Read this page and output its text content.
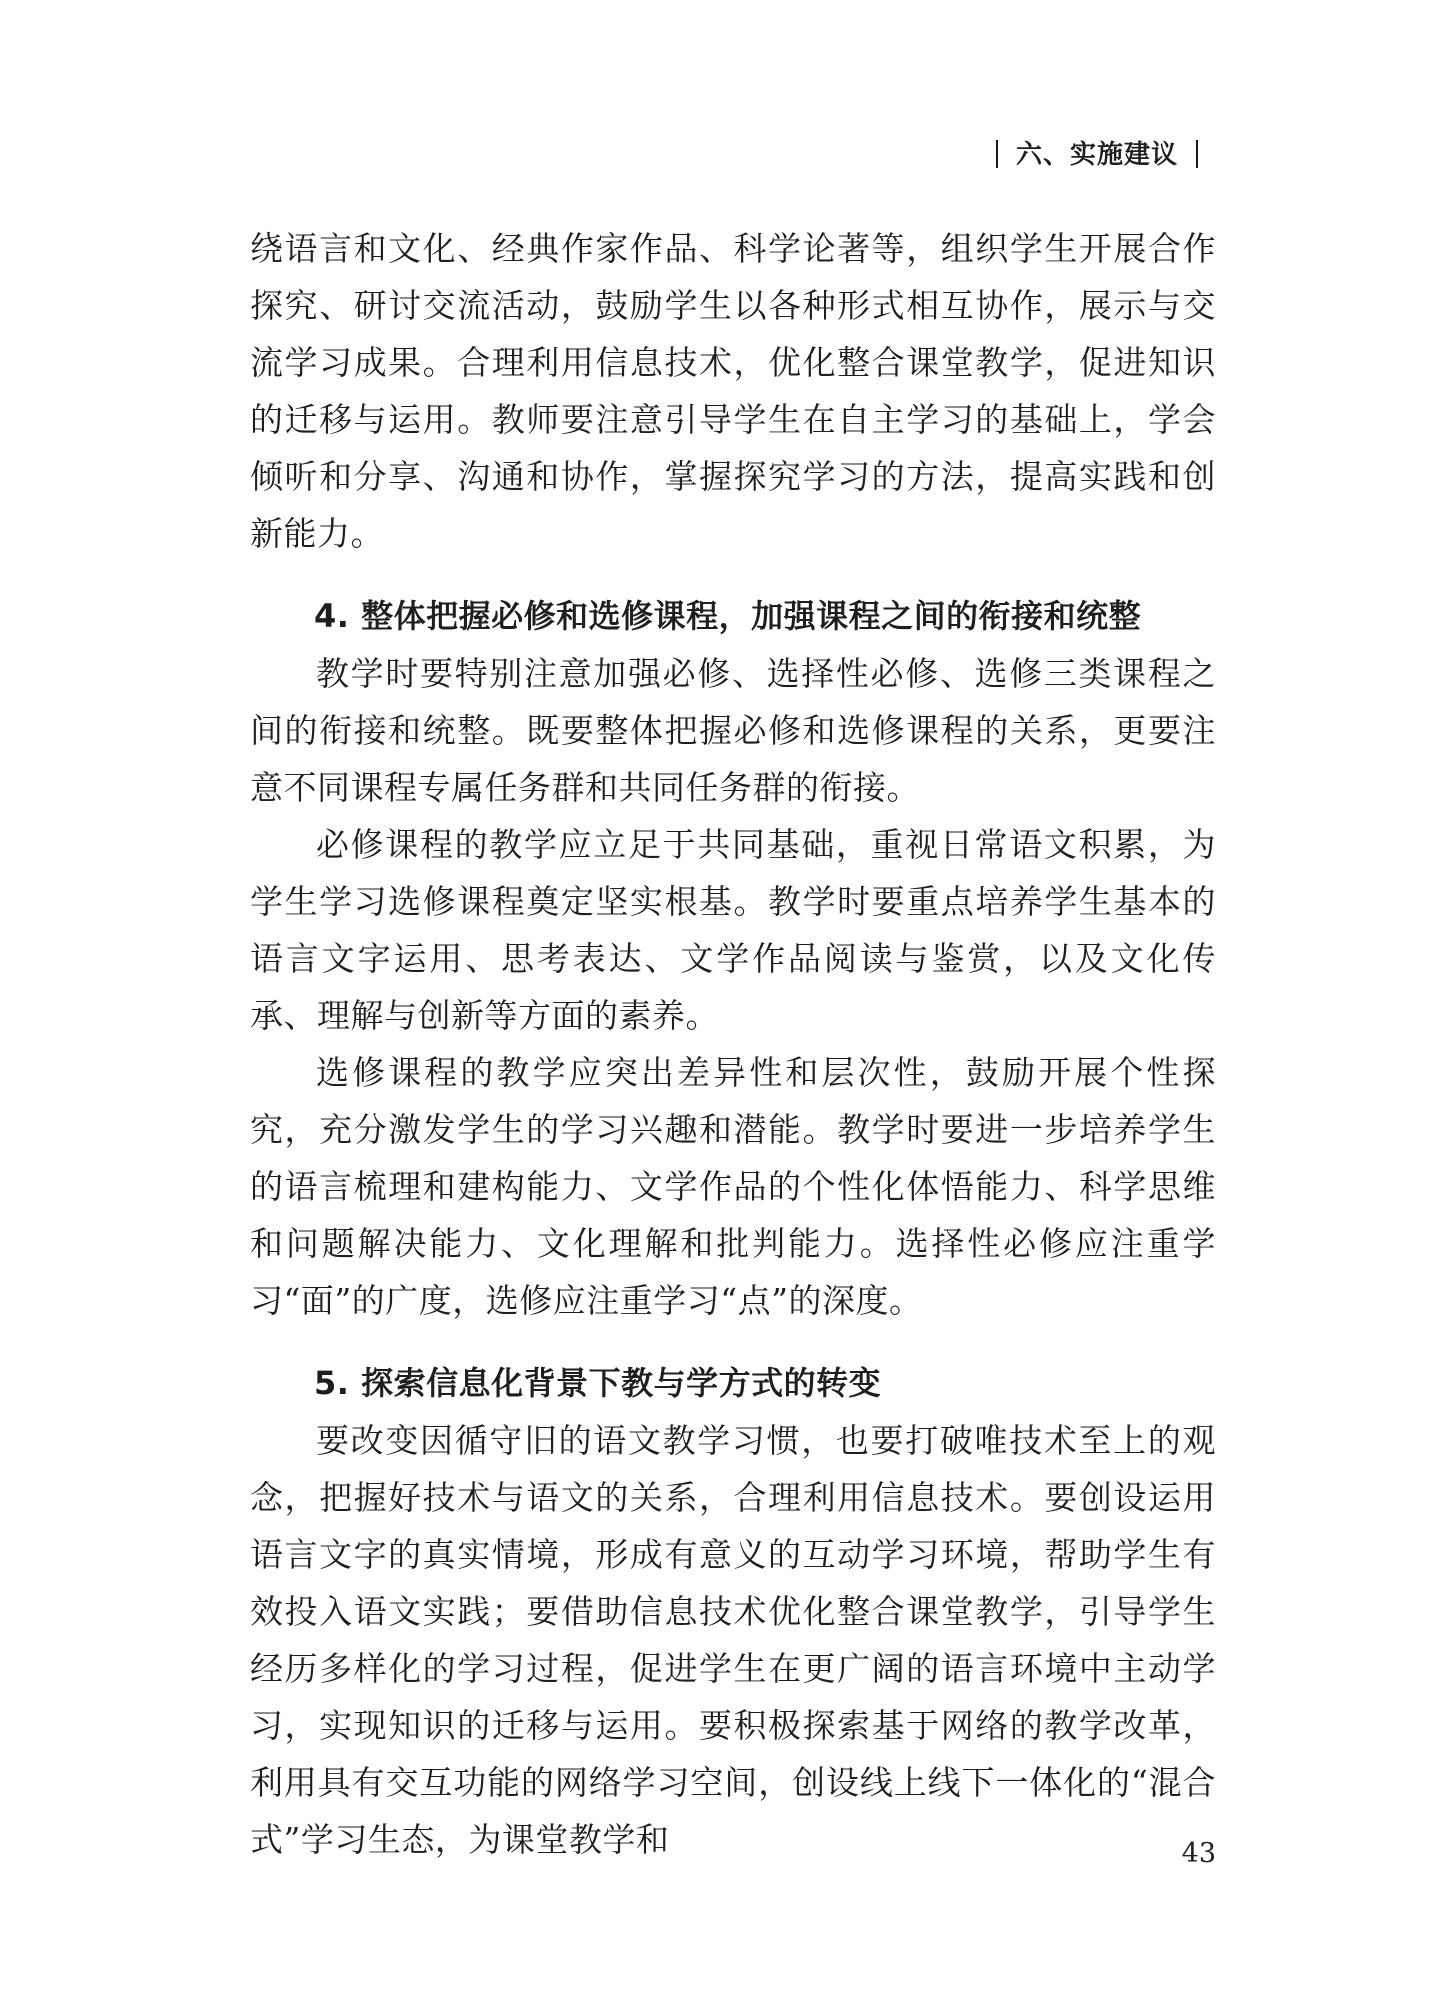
六、实施建议

绕语言和文化、经典作家作品、科学论著等，组织学生开展合作探究、研讨交流活动，鼓励学生以各种形式相互协作，展示与交流学习成果。合理利用信息技术，优化整合课堂教学，促进知识的迁移与运用。教师要注意引导学生在自主学习的基础上，学会倾听和分享、沟通和协作，掌握探究学习的方法，提高实践和创新能力。

4. 整体把握必修和选修课程，加强课程之间的衔接和统整

教学时要特别注意加强必修、选择性必修、选修三类课程之间的衔接和统整。既要整体把握必修和选修课程的关系，更要注意不同课程专属任务群和共同任务群的衔接。

必修课程的教学应立足于共同基础，重视日常语文积累，为学生学习选修课程奠定坚实根基。教学时要重点培养学生基本的语言文字运用、思考表达、文学作品阅读与鉴赏，以及文化传承、理解与创新等方面的素养。

选修课程的教学应突出差异性和层次性，鼓励开展个性探究，充分激发学生的学习兴趣和潜能。教学时要进一步培养学生的语言梳理和建构能力、文学作品的个性化体悟能力、科学思维和问题解决能力、文化理解和批判能力。选择性必修应注重学习“面”的广度，选修应注重学习“点”的深度。

5. 探索信息化背景下教与学方式的转变

要改变因循守旧的语文教学习惯，也要打破唯技术至上的观念，把握好技术与语文的关系，合理利用信息技术。要创设运用语言文字的真实情境，形成有意义的互动学习环境，帮助学生有效投入语文实践；要借助信息技术优化整合课堂教学，引导学生经历多样化的学习过程，促进学生在更广阔的语言环境中主动学习，实现知识的迁移与运用。要积极探索基于网络的教学改革，利用具有交互功能的网络学习空间，创设线上线下一体化的“混合式”学习生态，为课堂教学和	43
